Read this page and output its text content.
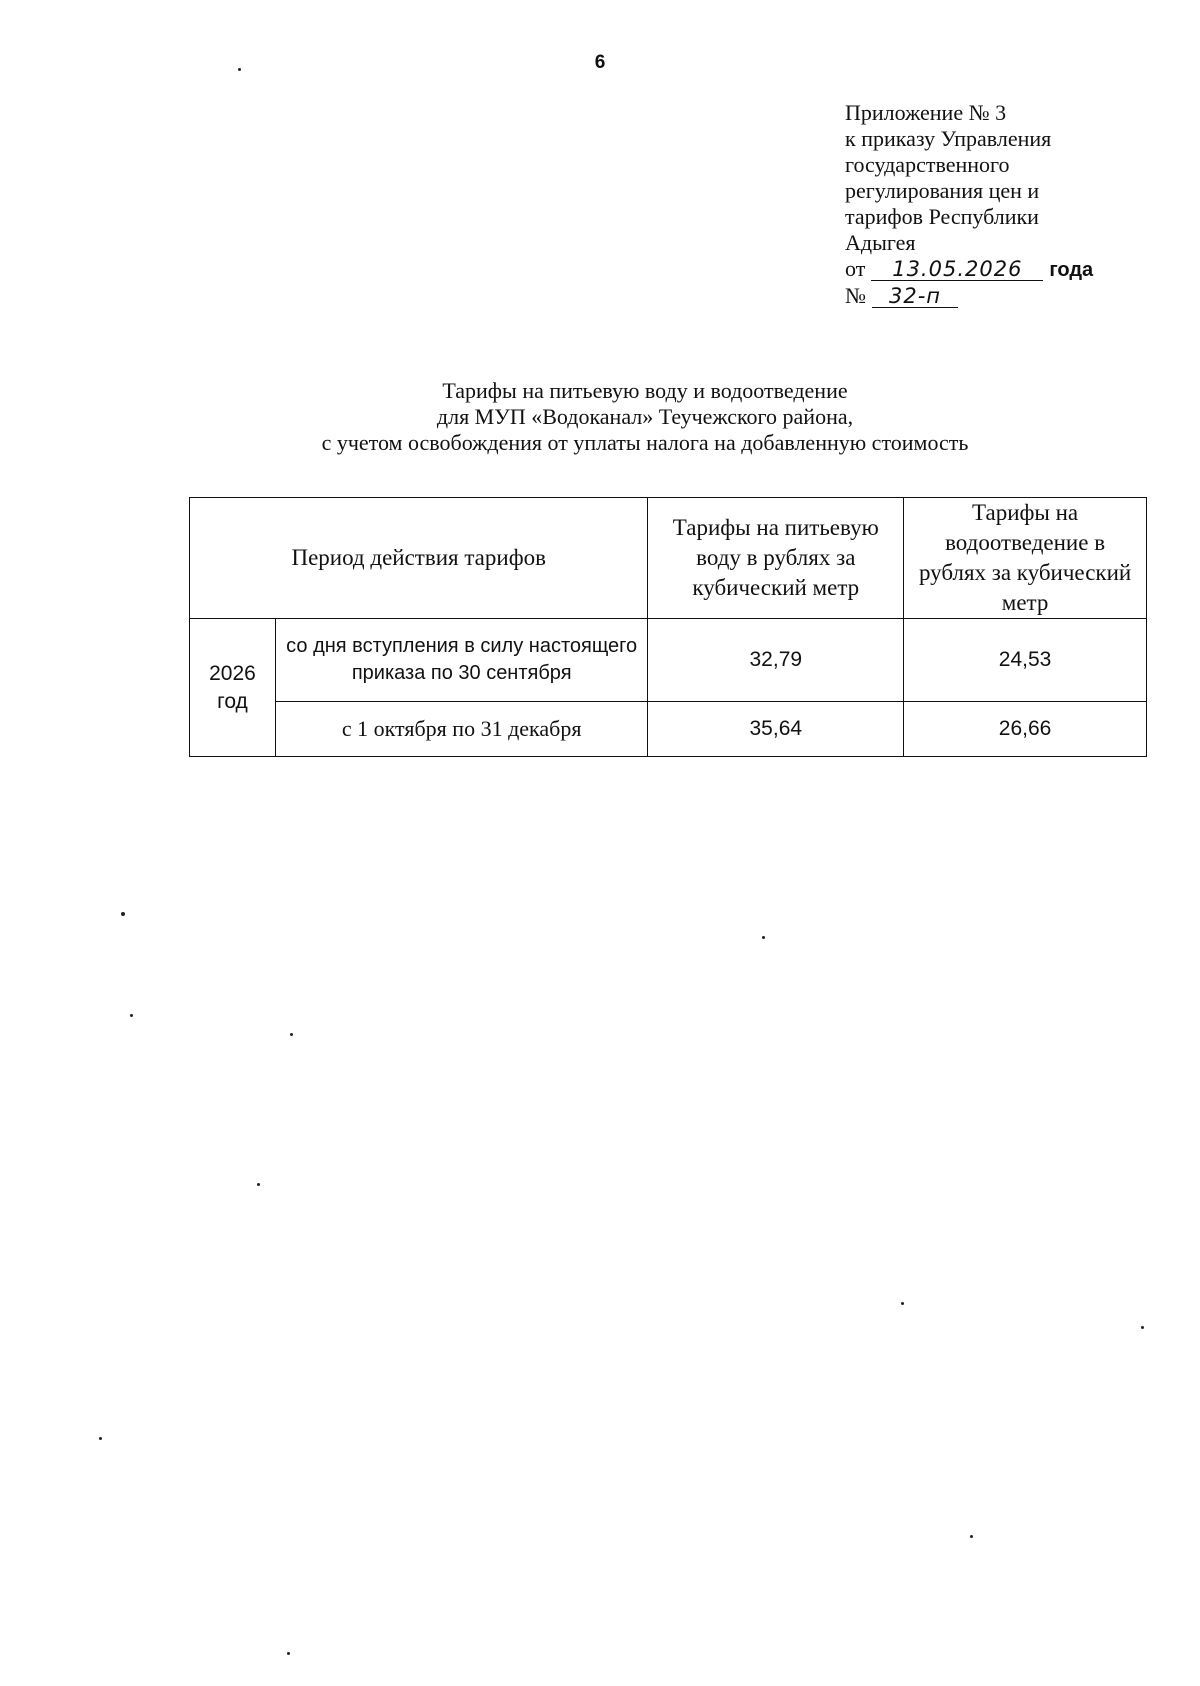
6
Приложение № 3
к приказу Управления
государственного
регулирования цен и
тарифов Республики
Адыгея
от 13.05.2026 года
№ 32-п
Тарифы на питьевую воду и водоотведение
для МУП «Водоканал» Теучежского района,
с учетом освобождения от уплаты налога на добавленную стоимость
Период действия тарифов		Тарифы на питьевую воду в рублях за кубический метр	Тарифы на водоотведение в рублях за кубический метр
2026 год	со дня вступления в силу настоящего приказа по 30 сентября	32,79	24,53
	с 1 октября по 31 декабря	35,64	26,66
